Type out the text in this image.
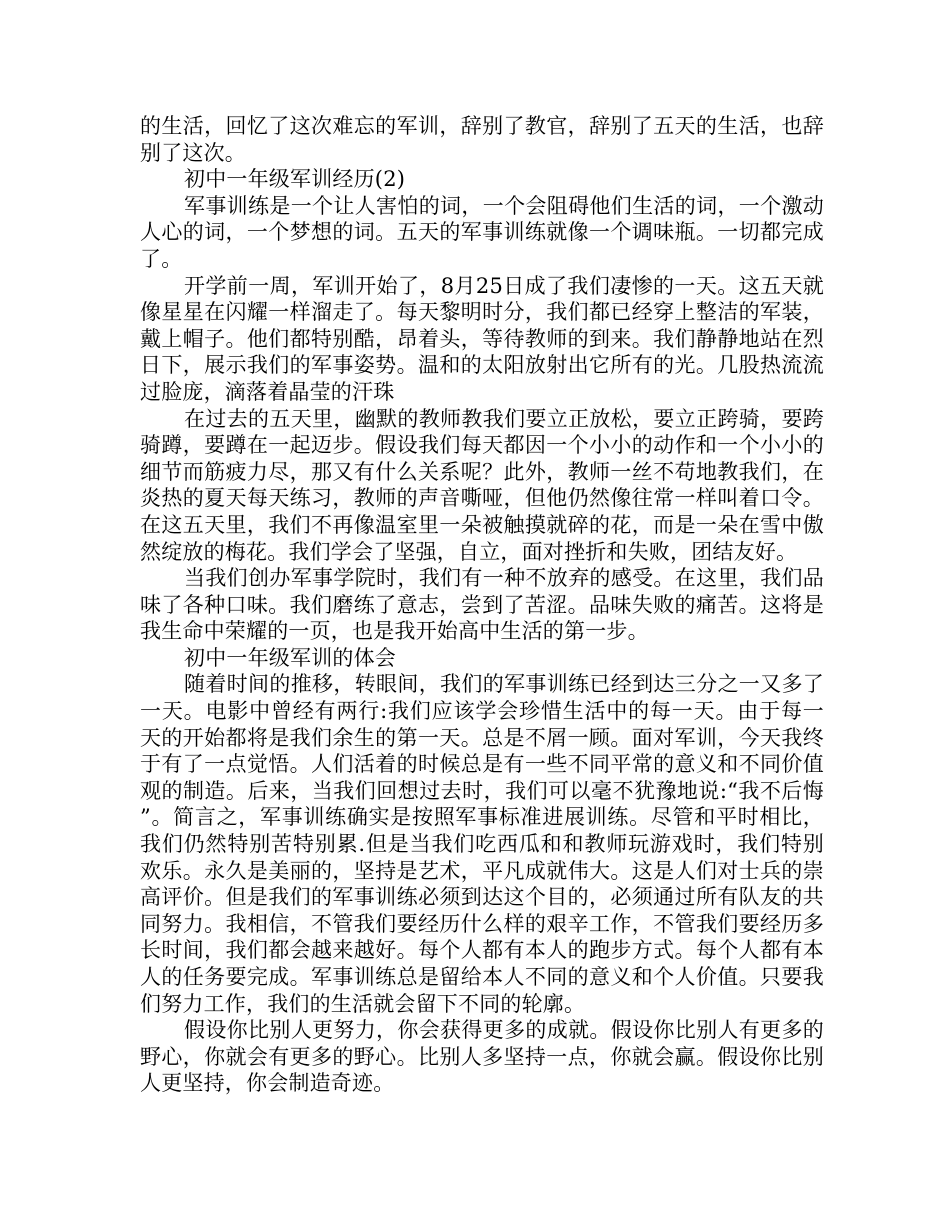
的生活，回忆了这次难忘的军训，辞别了教官，辞别了五天的生活，也辞别了这次。

初中一年级军训经历(2)

军事训练是一个让人害怕的词，一个会阻碍他们生活的词，一个激动人心的词，一个梦想的词。五天的军事训练就像一个调味瓶。一切都完成了。

开学前一周，军训开始了，8月25日成了我们凄惨的一天。这五天就像星星在闪耀一样溜走了。每天黎明时分，我们都已经穿上整洁的军装，戴上帽子。他们都特别酷，昂着头，等待教师的到来。我们静静地站在烈日下，展示我们的军事姿势。温和的太阳放射出它所有的光。几股热流流过脸庞，滴落着晶莹的汗珠

在过去的五天里，幽默的教师教我们要立正放松，要立正跨骑，要跨骑蹲，要蹲在一起迈步。假设我们每天都因一个小小的动作和一个小小的细节而筋疲力尽，那又有什么关系呢？此外，教师一丝不苟地教我们，在炎热的夏天每天练习，教师的声音嘶哑，但他仍然像往常一样叫着口令。在这五天里，我们不再像温室里一朵被触摸就碎的花，而是一朵在雪中傲然绽放的梅花。我们学会了坚强，自立，面对挫折和失败，团结友好。

当我们创办军事学院时，我们有一种不放弃的感受。在这里，我们品味了各种口味。我们磨练了意志，尝到了苦涩。品味失败的痛苦。这将是我生命中荣耀的一页，也是我开始高中生活的第一步。

初中一年级军训的体会

随着时间的推移，转眼间，我们的军事训练已经到达三分之一又多了一天。电影中曾经有两行:我们应该学会珍惜生活中的每一天。由于每一天的开始都将是我们余生的第一天。总是不屑一顾。面对军训，今天我终于有了一点觉悟。人们活着的时候总是有一些不同平常的意义和不同价值观的制造。后来，当我们回想过去时，我们可以毫不犹豫地说:“我不后悔”。简言之，军事训练确实是按照军事标准进展训练。尽管和平时相比，我们仍然特别苦特别累.但是当我们吃西瓜和和教师玩游戏时，我们特别欢乐。永久是美丽的，坚持是艺术，平凡成就伟大。这是人们对士兵的崇高评价。但是我们的军事训练必须到达这个目的，必须通过所有队友的共同努力。我相信，不管我们要经历什么样的艰辛工作，不管我们要经历多长时间，我们都会越来越好。每个人都有本人的跑步方式。每个人都有本人的任务要完成。军事训练总是留给本人不同的意义和个人价值。只要我们努力工作，我们的生活就会留下不同的轮廓。

假设你比别人更努力，你会获得更多的成就。假设你比别人有更多的野心，你就会有更多的野心。比别人多坚持一点，你就会赢。假设你比别人更坚持，你会制造奇迹。
